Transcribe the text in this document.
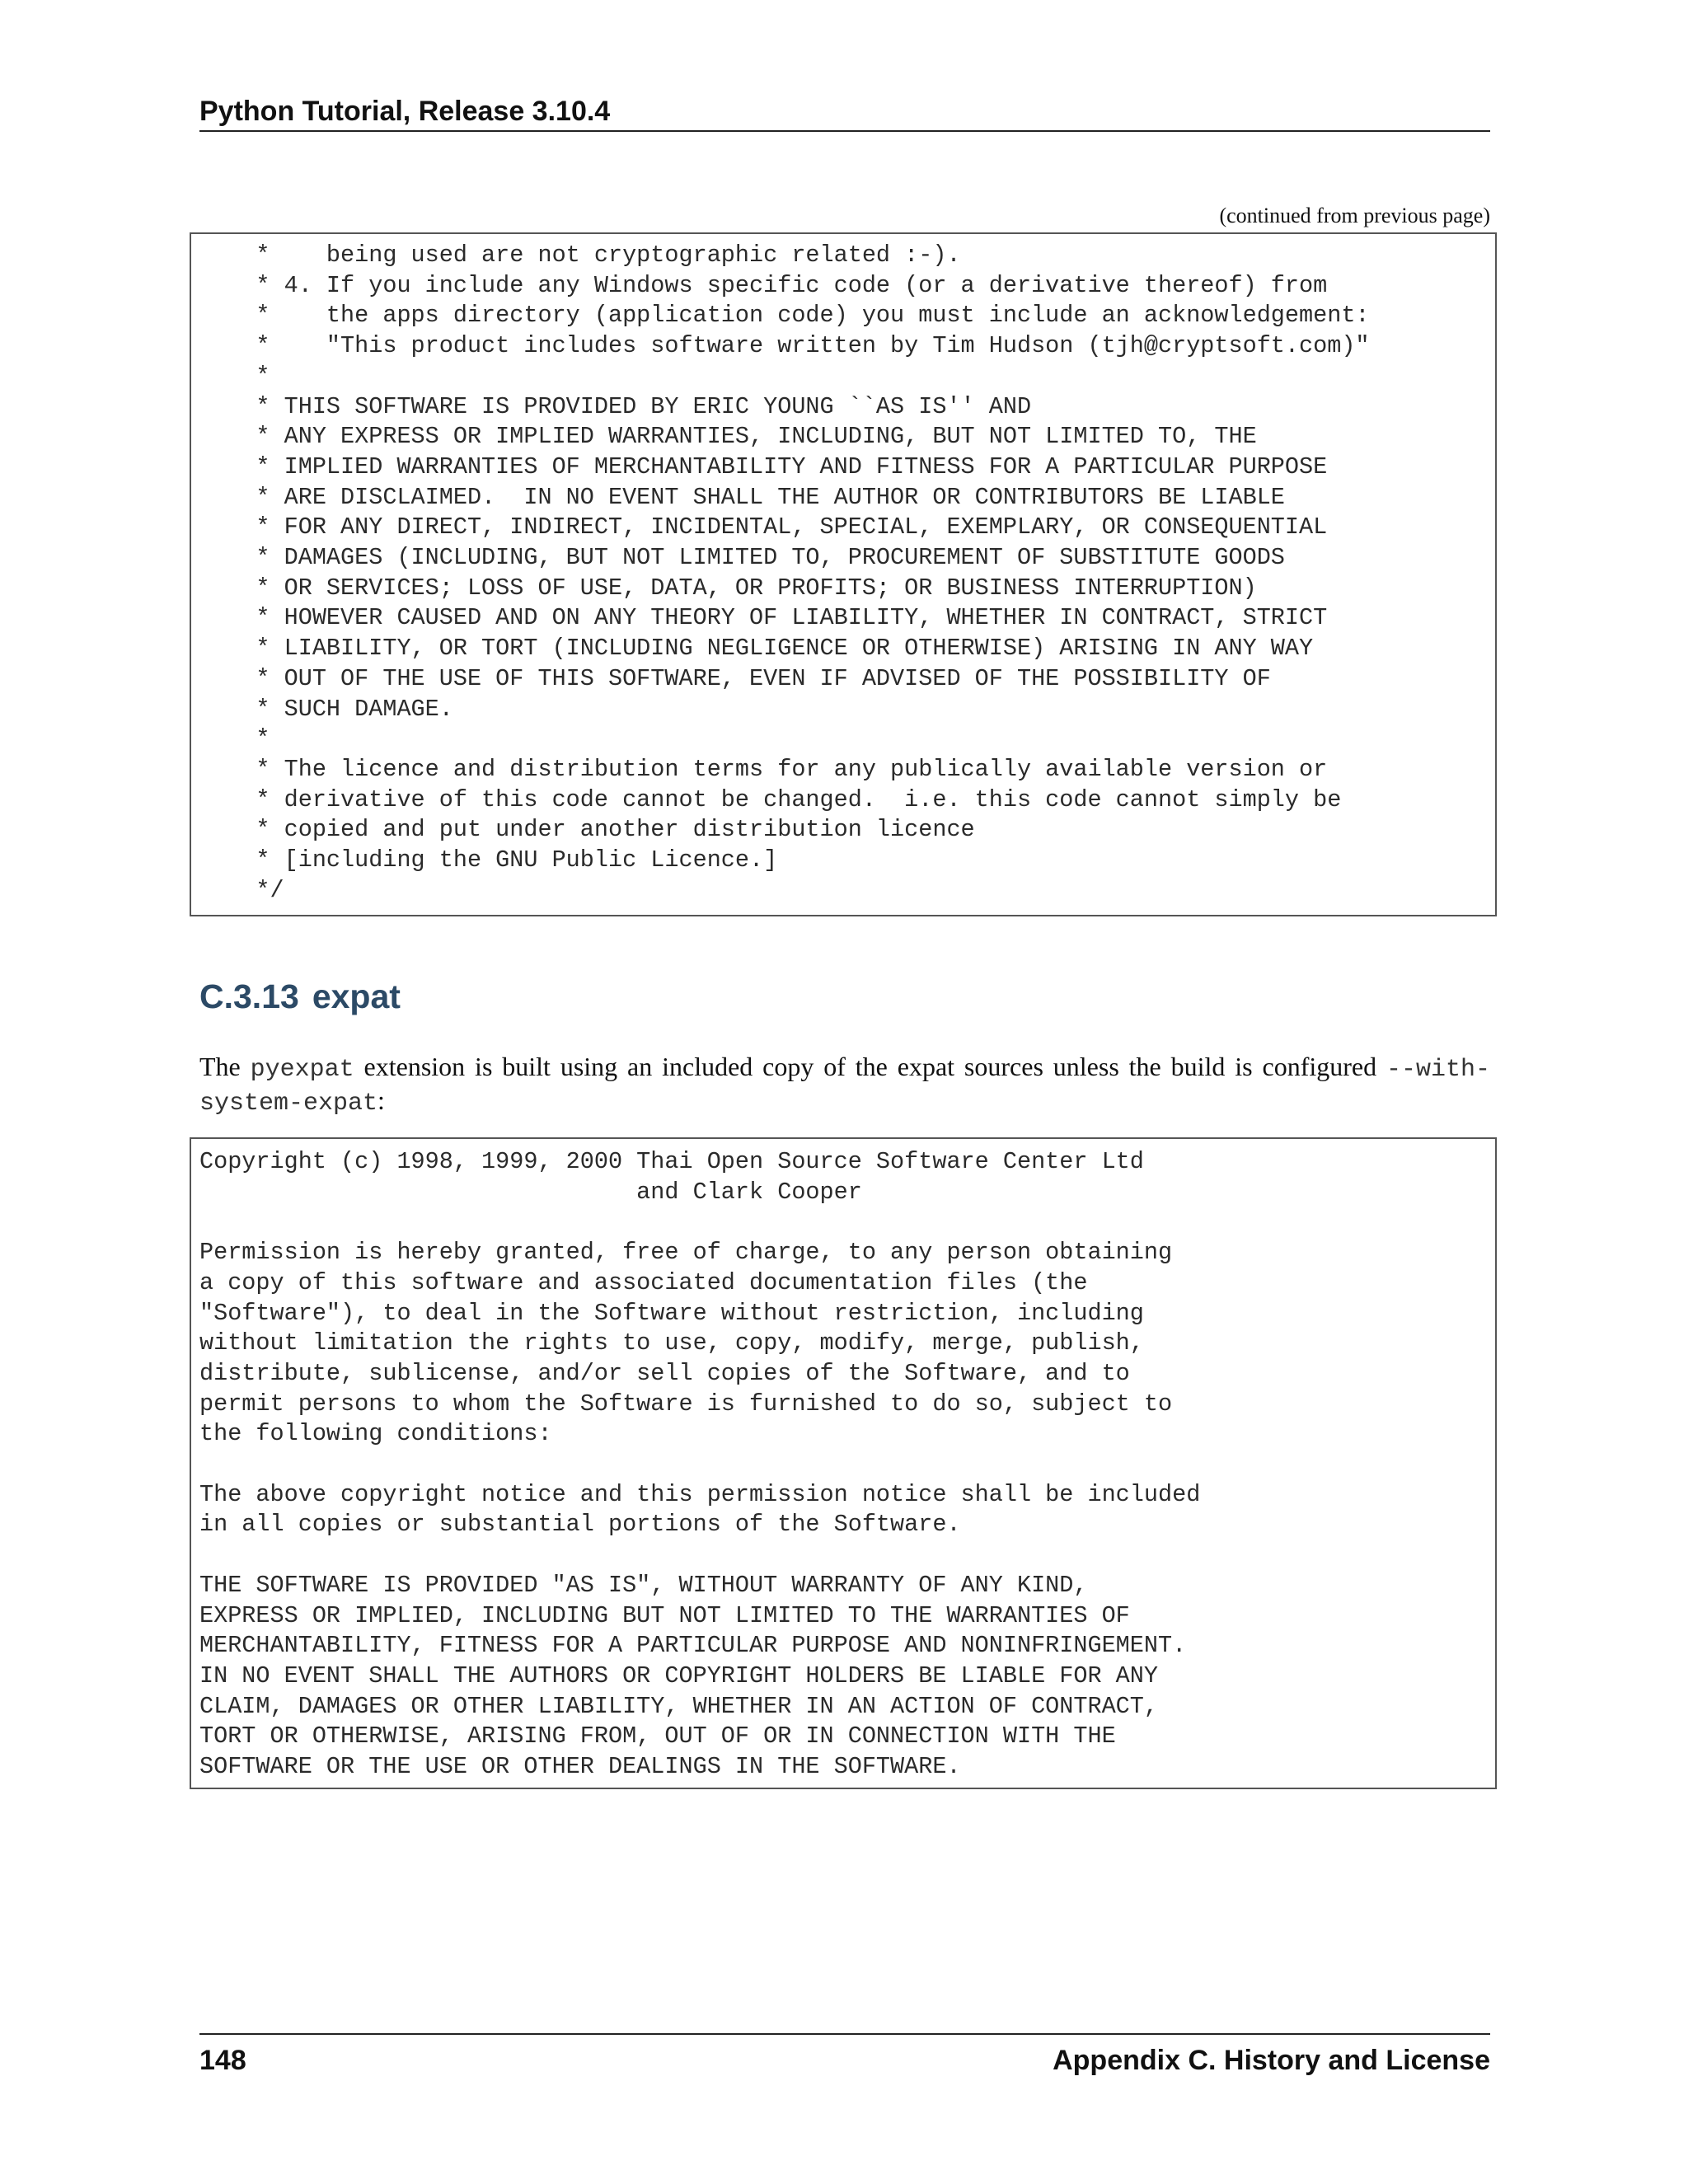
Python Tutorial, Release 3.10.4
(continued from previous page)
*    being used are not cryptographic related :-).
* 4. If you include any Windows specific code (or a derivative thereof) from
*    the apps directory (application code) you must include an acknowledgement:
*    "This product includes software written by Tim Hudson (tjh@cryptsoft.com)"
*
* THIS SOFTWARE IS PROVIDED BY ERIC YOUNG ``AS IS'' AND
* ANY EXPRESS OR IMPLIED WARRANTIES, INCLUDING, BUT NOT LIMITED TO, THE
* IMPLIED WARRANTIES OF MERCHANTABILITY AND FITNESS FOR A PARTICULAR PURPOSE
* ARE DISCLAIMED.  IN NO EVENT SHALL THE AUTHOR OR CONTRIBUTORS BE LIABLE
* FOR ANY DIRECT, INDIRECT, INCIDENTAL, SPECIAL, EXEMPLARY, OR CONSEQUENTIAL
* DAMAGES (INCLUDING, BUT NOT LIMITED TO, PROCUREMENT OF SUBSTITUTE GOODS
* OR SERVICES; LOSS OF USE, DATA, OR PROFITS; OR BUSINESS INTERRUPTION)
* HOWEVER CAUSED AND ON ANY THEORY OF LIABILITY, WHETHER IN CONTRACT, STRICT
* LIABILITY, OR TORT (INCLUDING NEGLIGENCE OR OTHERWISE) ARISING IN ANY WAY
* OUT OF THE USE OF THIS SOFTWARE, EVEN IF ADVISED OF THE POSSIBILITY OF
* SUCH DAMAGE.
*
* The licence and distribution terms for any publically available version or
* derivative of this code cannot be changed.  i.e. this code cannot simply be
* copied and put under another distribution licence
* [including the GNU Public Licence.]
*/
C.3.13 expat

The pyexpat extension is built using an included copy of the expat sources unless the build is configured --with-system-expat:

Copyright (c) 1998, 1999, 2000 Thai Open Source Software Center Ltd
and Clark Cooper

Permission is hereby granted, free of charge, to any person obtaining
a copy of this software and associated documentation files (the
"Software"), to deal in the Software without restriction, including
without limitation the rights to use, copy, modify, merge, publish,
distribute, sublicense, and/or sell copies of the Software, and to
permit persons to whom the Software is furnished to do so, subject to
the following conditions:

The above copyright notice and this permission notice shall be included
in all copies or substantial portions of the Software.

THE SOFTWARE IS PROVIDED "AS IS", WITHOUT WARRANTY OF ANY KIND,
EXPRESS OR IMPLIED, INCLUDING BUT NOT LIMITED TO THE WARRANTIES OF
MERCHANTABILITY, FITNESS FOR A PARTICULAR PURPOSE AND NONINFRINGEMENT.
IN NO EVENT SHALL THE AUTHORS OR COPYRIGHT HOLDERS BE LIABLE FOR ANY
CLAIM, DAMAGES OR OTHER LIABILITY, WHETHER IN AN ACTION OF CONTRACT,
TORT OR OTHERWISE, ARISING FROM, OUT OF OR IN CONNECTION WITH THE
SOFTWARE OR THE USE OR OTHER DEALINGS IN THE SOFTWARE.
148	Appendix C. History and License
